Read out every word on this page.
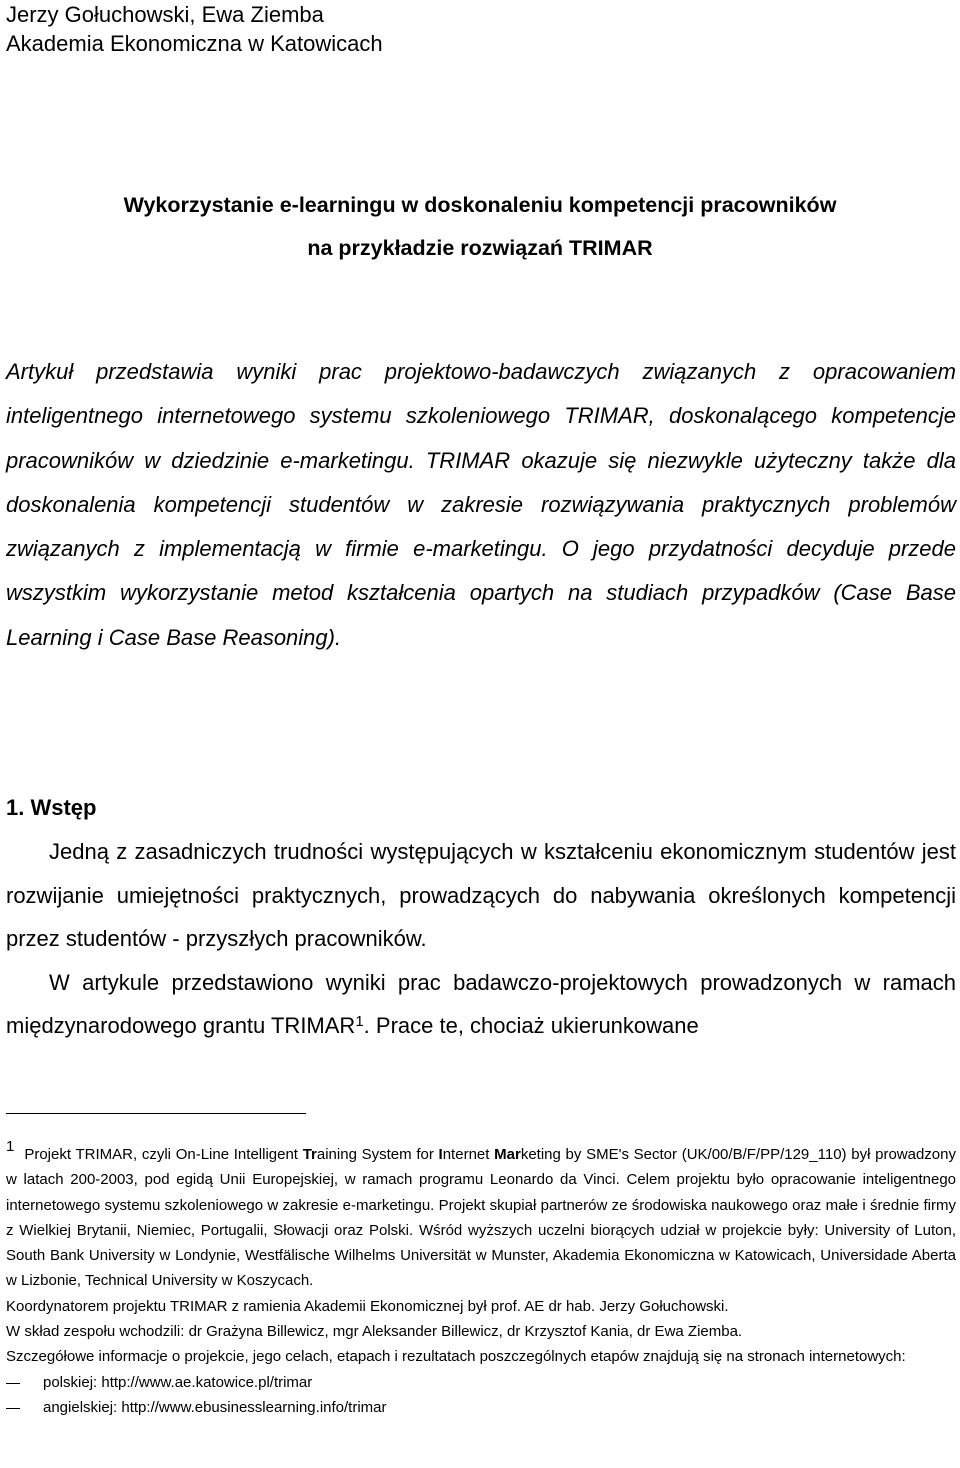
Jerzy Gołuchowski, Ewa Ziemba
Akademia Ekonomiczna w Katowicach
Wykorzystanie e-learningu w doskonaleniu kompetencji pracowników
na przykładzie rozwiązań TRIMAR

Artykuł przedstawia wyniki prac projektowo-badawczych związanych z opracowaniem inteligentnego internetowego systemu szkoleniowego TRIMAR, doskonalącego kompetencje pracowników w dziedzinie e-marketingu. TRIMAR okazuje się niezwykle użyteczny także dla doskonalenia kompetencji studentów w zakresie rozwiązywania praktycznych problemów związanych z implementacją w firmie e-marketingu. O jego przydatności decyduje przede wszystkim wykorzystanie metod kształcenia opartych na studiach przypadków (Case Base Learning i Case Base Reasoning).

1. Wstęp

Jedną z zasadniczych trudności występujących w kształceniu ekonomicznym studentów jest rozwijanie umiejętności praktycznych, prowadzących do nabywania określonych kompetencji przez studentów - przyszłych pracowników.

W artykule przedstawiono wyniki prac badawczo-projektowych prowadzonych w ramach międzynarodowego grantu TRIMAR$^1$. Prace te, chociaż ukierunkowane

1 Projekt TRIMAR, czyli On-Line Intelligent Training System for Internet Marketing by SME's Sector (UK/00/B/F/PP/129_110) był prowadzony w latach 200-2003, pod egidą Unii Europejskiej, w ramach programu Leonardo da Vinci. Celem projektu było opracowanie inteligentnego internetowego systemu szkoleniowego w zakresie e-marketingu. Projekt skupiał partnerów ze środowiska naukowego oraz małe i średnie firmy z Wielkiej Brytanii, Niemiec, Portugalii, Słowacji oraz Polski. Wśród wyższych uczelni biorących udział w projekcie były: University of Luton, South Bank University w Londynie, Westfälische Wilhelms Universität w Munster, Akademia Ekonomiczna w Katowicach, Universidade Aberta w Lizbonie, Technical University w Koszycach.

Koordynatorem projektu TRIMAR z ramienia Akademii Ekonomicznej był prof. AE dr hab. Jerzy Gołuchowski.

W skład zespołu wchodzili: dr Grażyna Billewicz, mgr Aleksander Billewicz, dr Krzysztof Kania, dr Ewa Ziemba.

Szczegółowe informacje o projekcie, jego celach, etapach i rezultatach poszczególnych etapów znajdują się na stronach internetowych:

polskiej: http://www.ae.katowice.pl/trimar
angielskiej: http://www.ebusinesslearning.info/trimar
